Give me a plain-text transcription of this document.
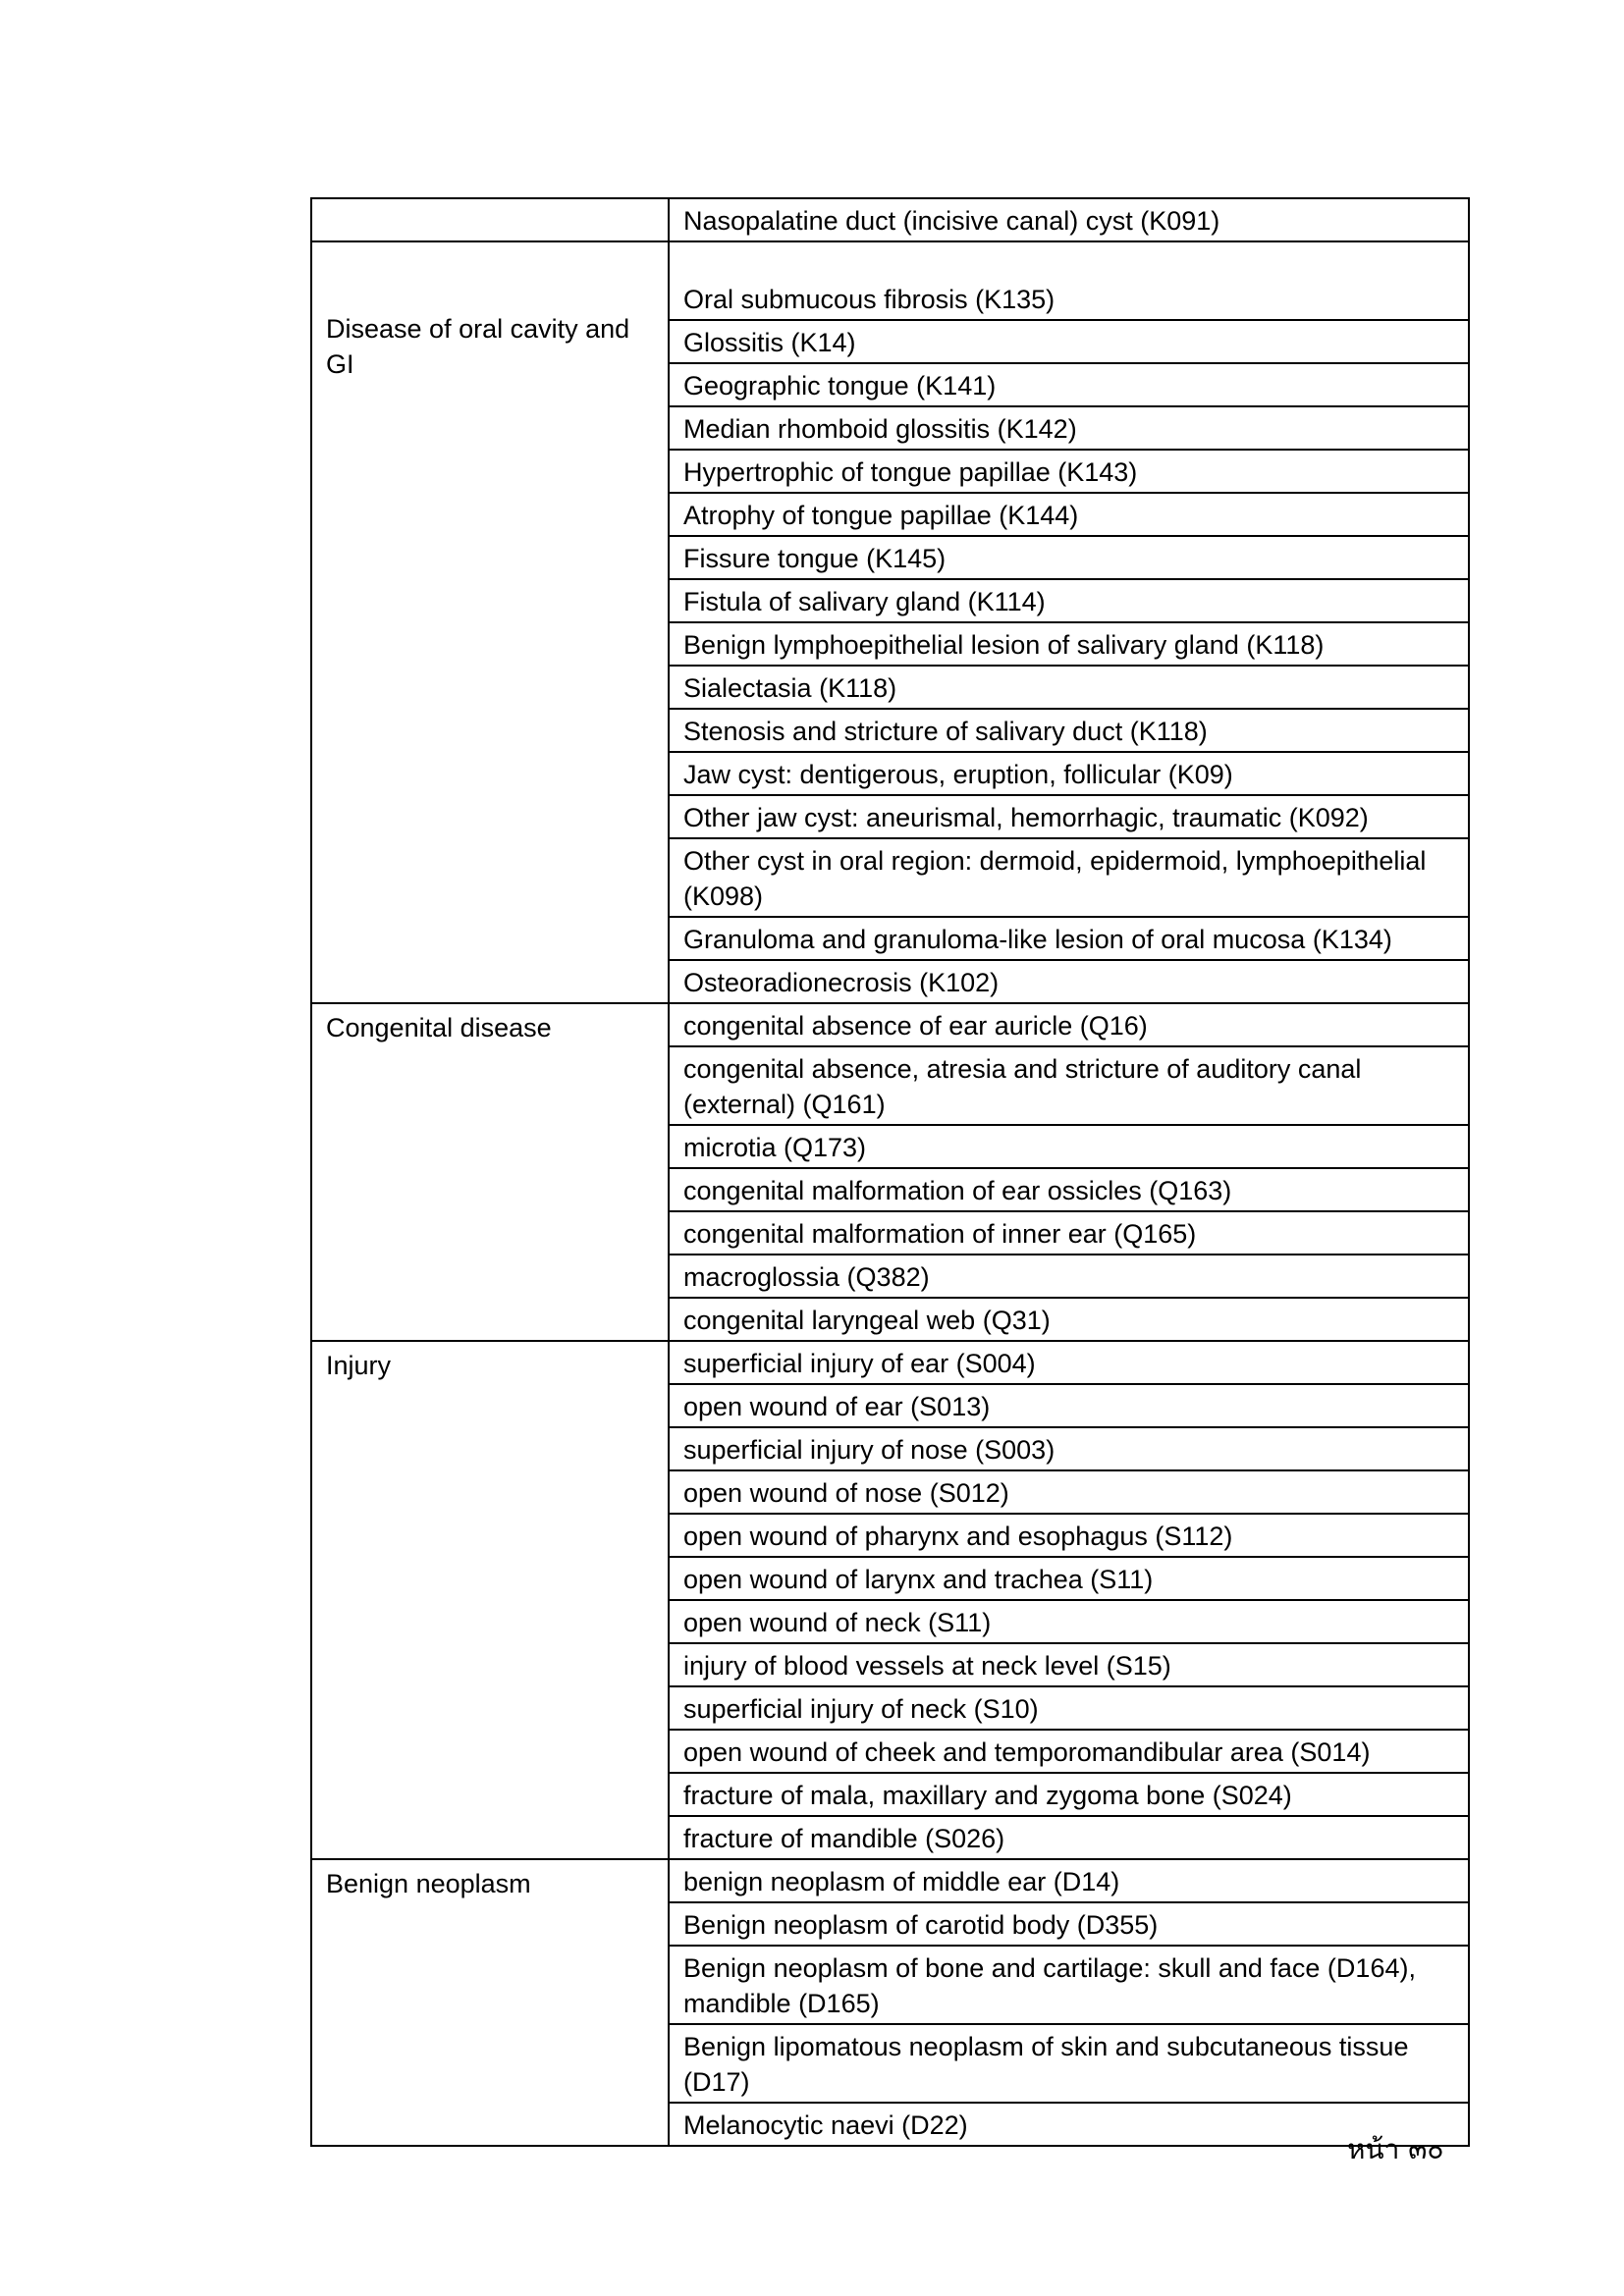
	Nasopalatine duct (incisive canal) cyst (K091)
Disease of oral cavity and GI	Oral submucous fibrosis (K135)
	Glossitis (K14)
	Geographic tongue (K141)
	Median rhomboid glossitis (K142)
	Hypertrophic of tongue papillae (K143)
	Atrophy of tongue papillae (K144)
	Fissure tongue (K145)
	Fistula of salivary gland (K114)
	Benign lymphoepithelial lesion of salivary gland (K118)
	Sialectasia (K118)
	Stenosis and stricture of salivary duct (K118)
	Jaw cyst: dentigerous, eruption, follicular (K09)
	Other jaw cyst: aneurismal, hemorrhagic, traumatic (K092)
	Other cyst in oral region: dermoid, epidermoid, lymphoepithelial (K098)
	Granuloma and granuloma-like lesion of oral mucosa (K134)
	Osteoradionecrosis (K102)
Congenital disease	congenital absence of ear auricle (Q16)
	congenital absence, atresia and stricture of auditory canal (external) (Q161)
	microtia (Q173)
	congenital malformation of ear ossicles (Q163)
	congenital malformation of inner ear (Q165)
	macroglossia (Q382)
	congenital laryngeal web (Q31)
Injury	superficial injury of ear (S004)
	open wound of ear (S013)
	superficial injury of nose (S003)
	open wound of nose (S012)
	open wound of pharynx and esophagus (S112)
	open wound of larynx and trachea (S11)
	open wound of neck (S11)
	injury of blood vessels at neck level (S15)
	superficial injury of neck (S10)
	open wound of cheek and temporomandibular area (S014)
	fracture of mala, maxillary and zygoma bone (S024)
	fracture of mandible (S026)
Benign neoplasm	benign neoplasm of middle ear (D14)
	Benign neoplasm of carotid body (D355)
	Benign neoplasm of bone and cartilage: skull and face (D164), mandible (D165)
	Benign lipomatous neoplasm of skin and subcutaneous tissue (D17)
	Melanocytic naevi (D22)
หน้า ๓๐
